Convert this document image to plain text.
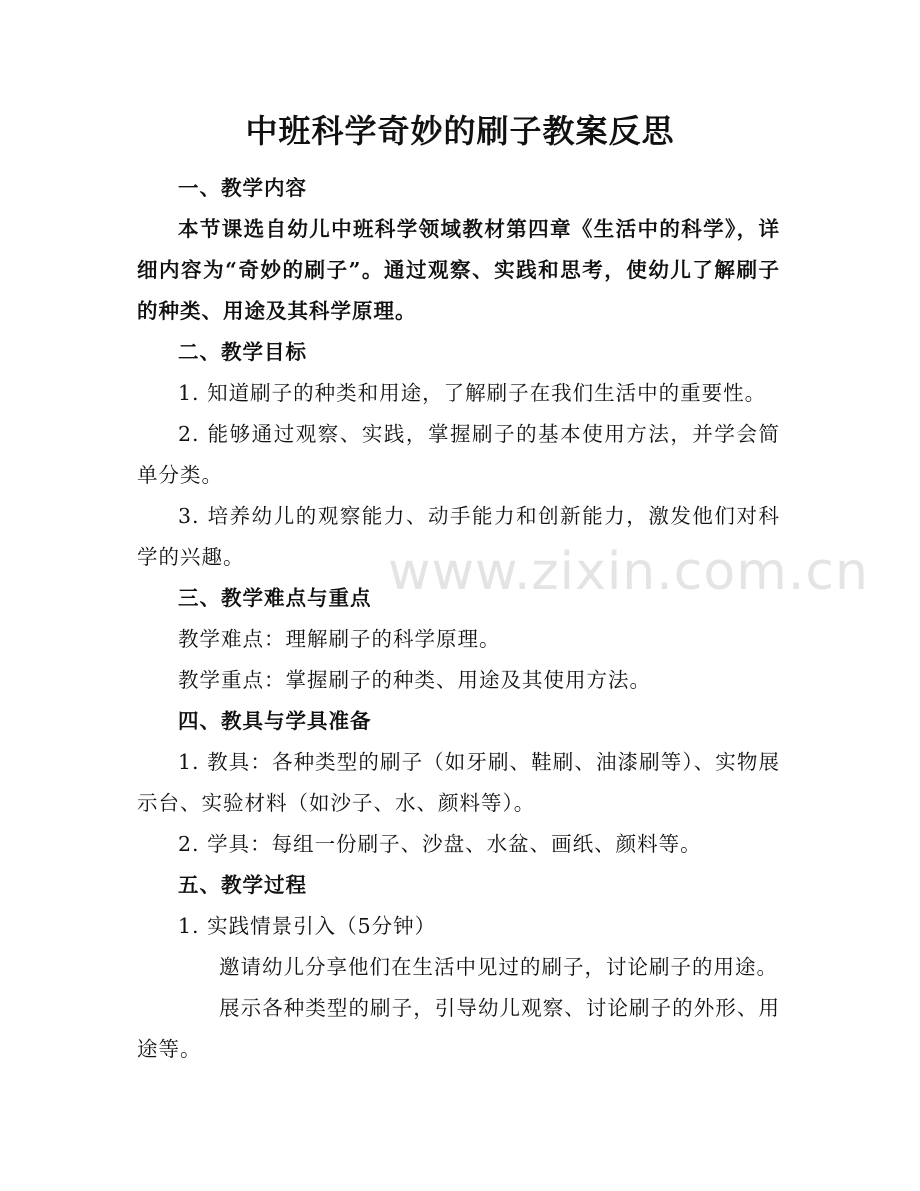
www.zixin.com.cn
中班科学奇妙的刷子教案反思

一、教学内容

本节课选自幼儿中班科学领域教材第四章《生活中的科学》，详细内容为“奇妙的刷子”。通过观察、实践和思考，使幼儿了解刷子的种类、用途及其科学原理。

二、教学目标

1. 知道刷子的种类和用途，了解刷子在我们生活中的重要性。

2. 能够通过观察、实践，掌握刷子的基本使用方法，并学会简单分类。

3. 培养幼儿的观察能力、动手能力和创新能力，激发他们对科学的兴趣。

三、教学难点与重点

教学难点：理解刷子的科学原理。

教学重点：掌握刷子的种类、用途及其使用方法。

四、教具与学具准备

1. 教具：各种类型的刷子（如牙刷、鞋刷、油漆刷等）、实物展示台、实验材料（如沙子、水、颜料等）。

2. 学具：每组一份刷子、沙盘、水盆、画纸、颜料等。

五、教学过程

1. 实践情景引入（5分钟）

邀请幼儿分享他们在生活中见过的刷子，讨论刷子的用途。

展示各种类型的刷子，引导幼儿观察、讨论刷子的外形、用途等。
